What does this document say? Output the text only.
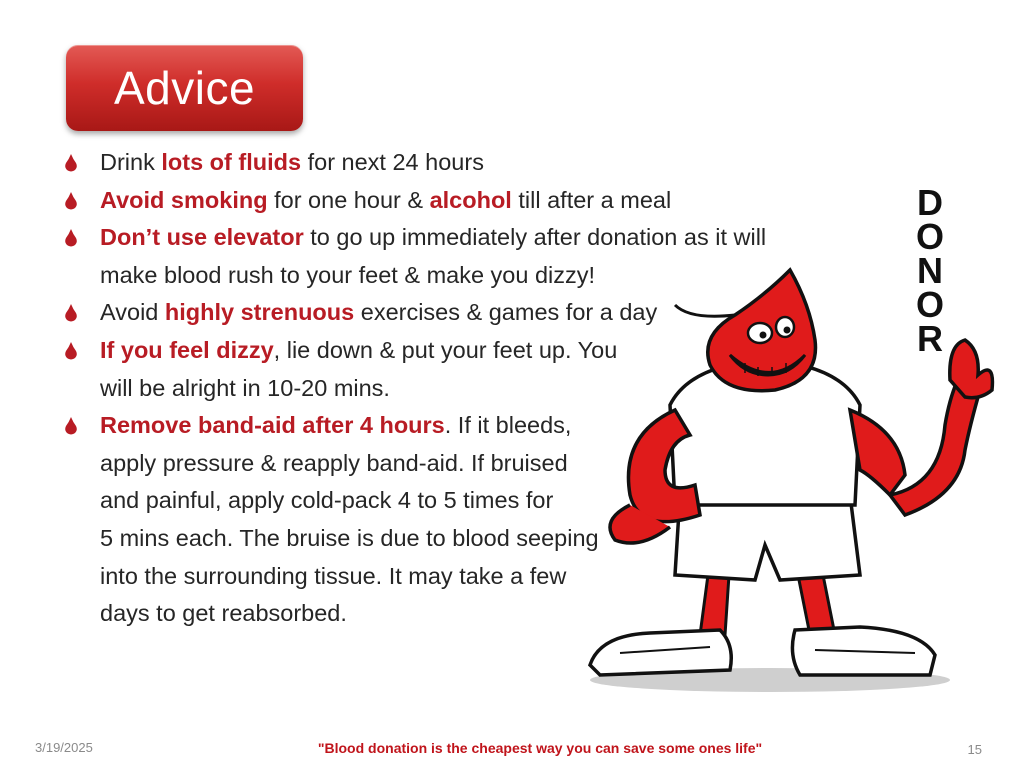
Advice
Drink lots of fluids for next 24 hours
Avoid smoking for one hour & alcohol till after a meal
Don’t use elevator to go up immediately after donation as it will
make blood rush to your feet & make you dizzy!
Avoid highly strenuous exercises & games for a day
If you feel dizzy, lie down & put your feet up. You
will be alright in 10-20 mins.
Remove band-aid after 4 hours. If it bleeds,
apply pressure & reapply band-aid. If bruised
and painful, apply cold-pack 4 to 5 times for
5 mins each. The bruise is due to blood seeping
into the surrounding tissue. It may take a few
days to get reabsorbed.
D
O
N
O
R
3/19/2025	"Blood donation is the cheapest way you can save some ones life"	15
